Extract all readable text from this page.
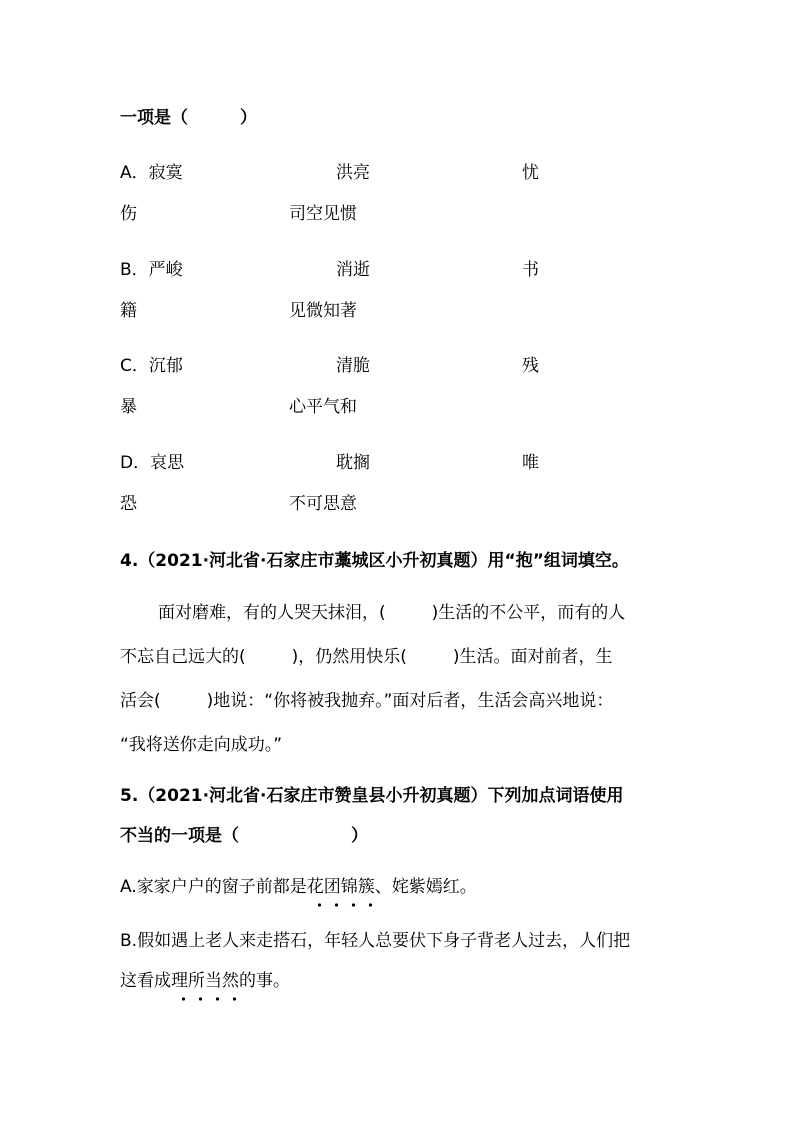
一项是（	）
A．寂寞	洪亮	忧
伤	司空见惯
B．严峻	消逝	书
籍	见微知著
C．沉郁	清脆	残
暴	心平气和
D．哀思	耽搁	唯
恐	不可思意
4.（2021·河北省·石家庄市藁城区小升初真题）用“抱”组词填空。
面对磨难，有的人哭天抹泪，(	)生活的不公平，而有的人
不忘自己远大的(	)，仍然用快乐(	)生活。面对前者，生
活会(	)地说：“你将被我抛弃。”面对后者，生活会高兴地说：
“我将送你走向成功。”
5.（2021·河北省·石家庄市赞皇县小升初真题）下列加点词语使用
不当的一项是（	）
A.家家户户的窗子前都是花团锦簇、姹紫嫣红。
B.假如遇上老人来走搭石，年轻人总要伏下身子背老人过去，人们把
这看成理所当然的事。
